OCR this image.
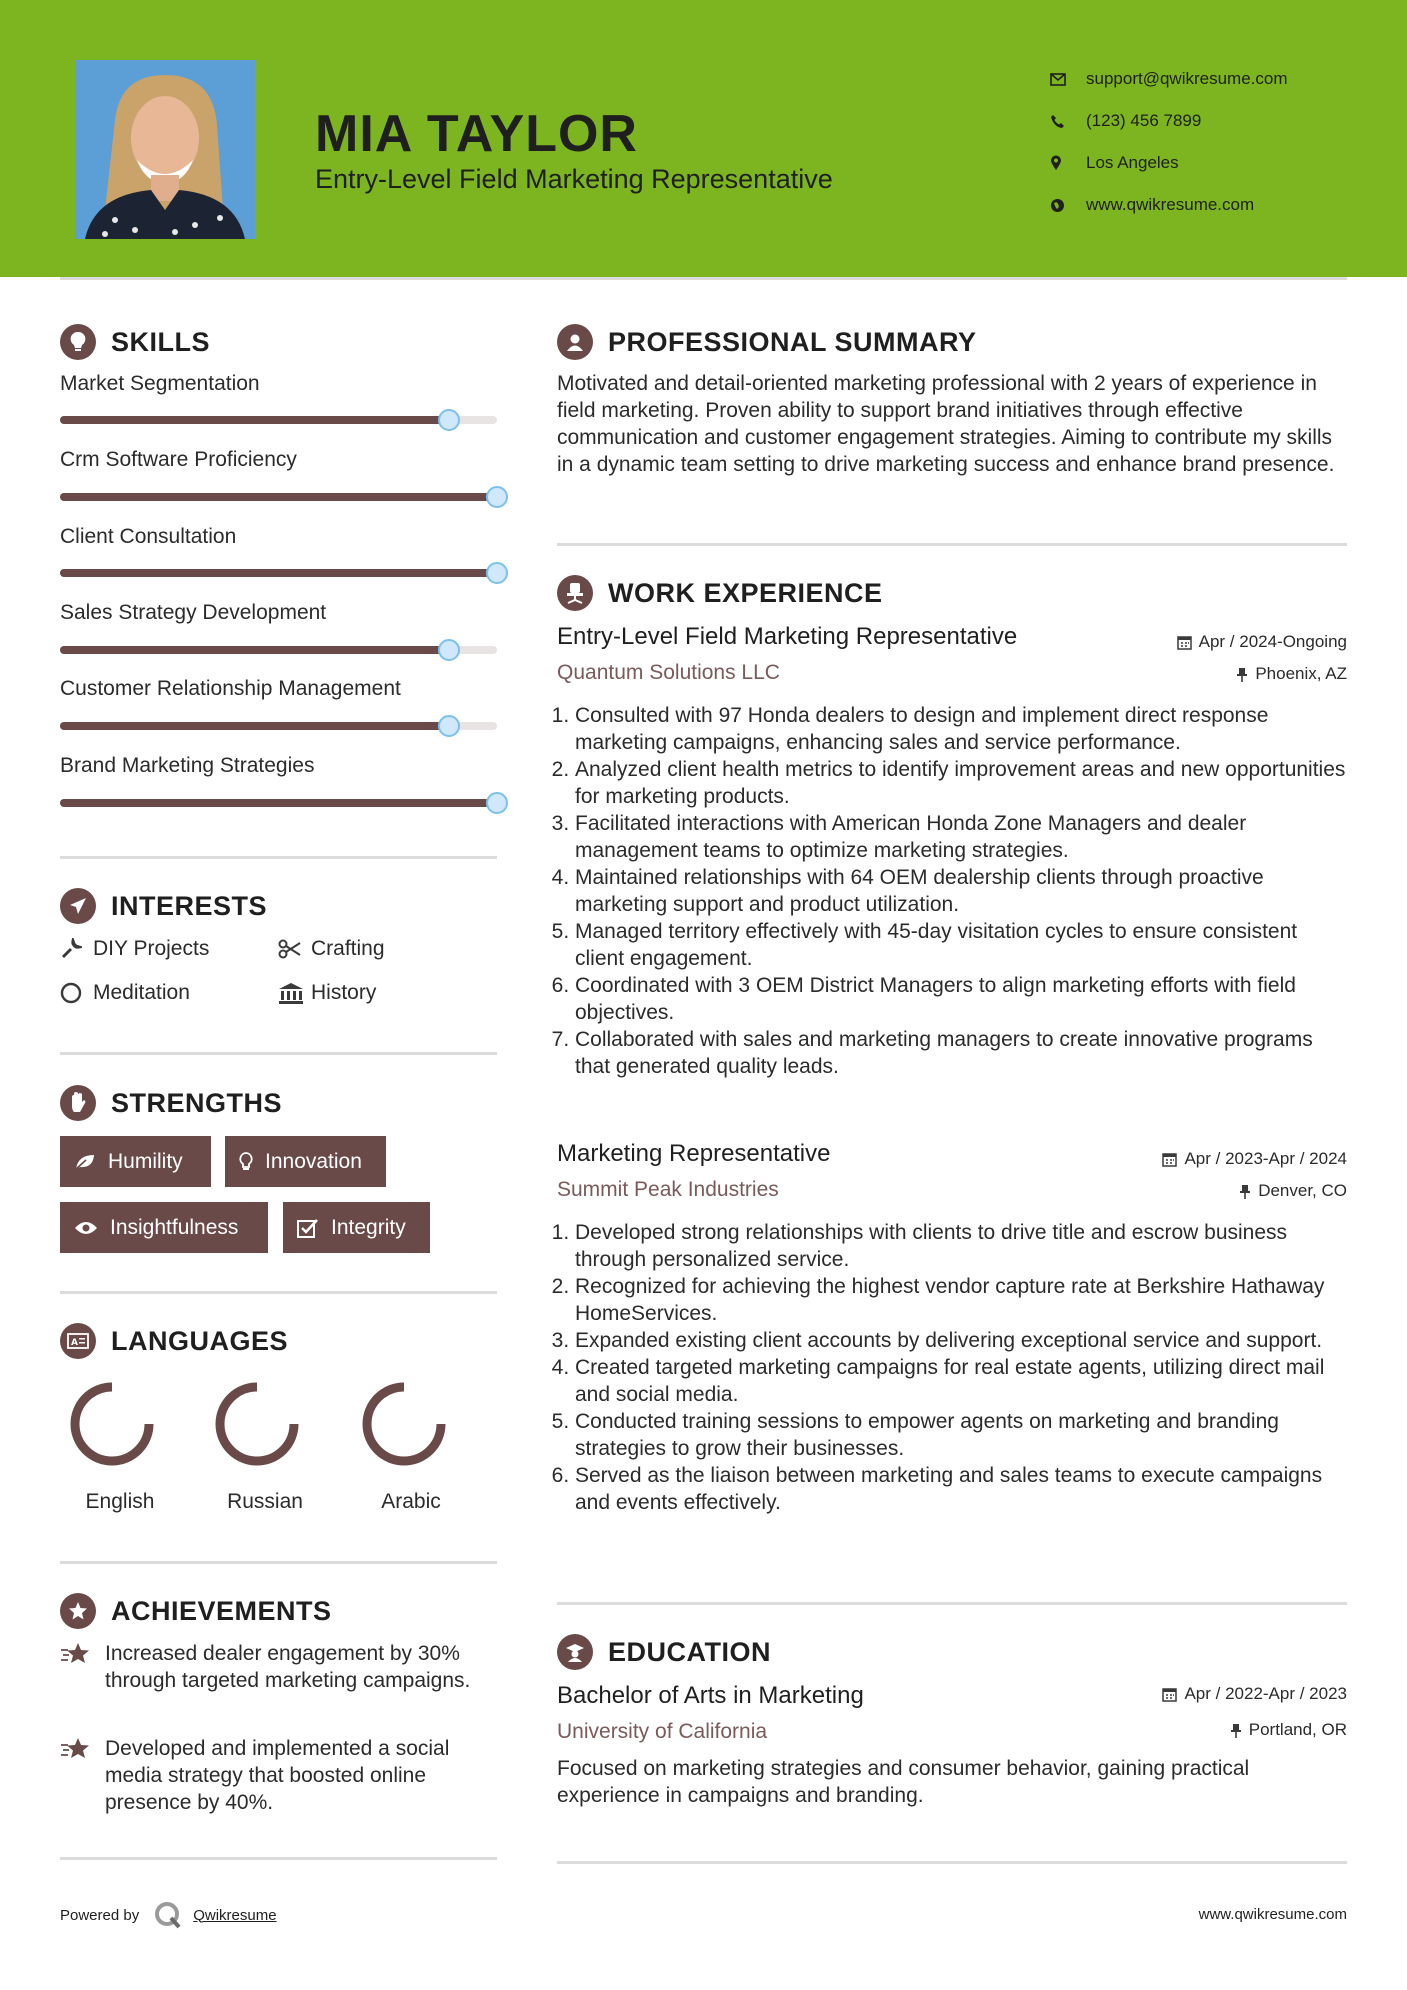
MIA TAYLOR
Entry-Level Field Marketing Representative
support@qwikresume.com
(123) 456 7899
Los Angeles
www.qwikresume.com
SKILLS
Market Segmentation
Crm Software Proficiency
Client Consultation
Sales Strategy Development
Customer Relationship Management
Brand Marketing Strategies
INTERESTS
DIY Projects	Crafting
Meditation	History
STRENGTHS
Humility	Innovation
Insightfulness	Integrity
A LANGUAGES
English	Russian	Arabic
ACHIEVEMENTS
Increased dealer engagement by 30% through targeted marketing campaigns.
Developed and implemented a social media strategy that boosted online presence by 40%.
PROFESSIONAL SUMMARY
Motivated and detail-oriented marketing professional with 2 years of experience in field marketing. Proven ability to support brand initiatives through effective communication and customer engagement strategies. Aiming to contribute my skills in a dynamic team setting to drive marketing success and enhance brand presence.
WORK EXPERIENCE
Entry-Level Field Marketing Representative	Apr / 2024-Ongoing
Quantum Solutions LLC	Phoenix, AZ
1. Consulted with 97 Honda dealers to design and implement direct response marketing campaigns, enhancing sales and service performance.
2. Analyzed client health metrics to identify improvement areas and new opportunities for marketing products.
3. Facilitated interactions with American Honda Zone Managers and dealer management teams to optimize marketing strategies.
4. Maintained relationships with 64 OEM dealership clients through proactive marketing support and product utilization.
5. Managed territory effectively with 45-day visitation cycles to ensure consistent client engagement.
6. Coordinated with 3 OEM District Managers to align marketing efforts with field objectives.
7. Collaborated with sales and marketing managers to create innovative programs that generated quality leads.
Marketing Representative	Apr / 2023-Apr / 2024
Summit Peak Industries	Denver, CO
1. Developed strong relationships with clients to drive title and escrow business through personalized service.
2. Recognized for achieving the highest vendor capture rate at Berkshire Hathaway HomeServices.
3. Expanded existing client accounts by delivering exceptional service and support.
4. Created targeted marketing campaigns for real estate agents, utilizing direct mail and social media.
5. Conducted training sessions to empower agents on marketing and branding strategies to grow their businesses.
6. Served as the liaison between marketing and sales teams to execute campaigns and events effectively.
EDUCATION
Bachelor of Arts in Marketing	Apr / 2022-Apr / 2023
University of California	Portland, OR
Focused on marketing strategies and consumer behavior, gaining practical experience in campaigns and branding.
Powered by	Qwikresume	www.qwikresume.com
